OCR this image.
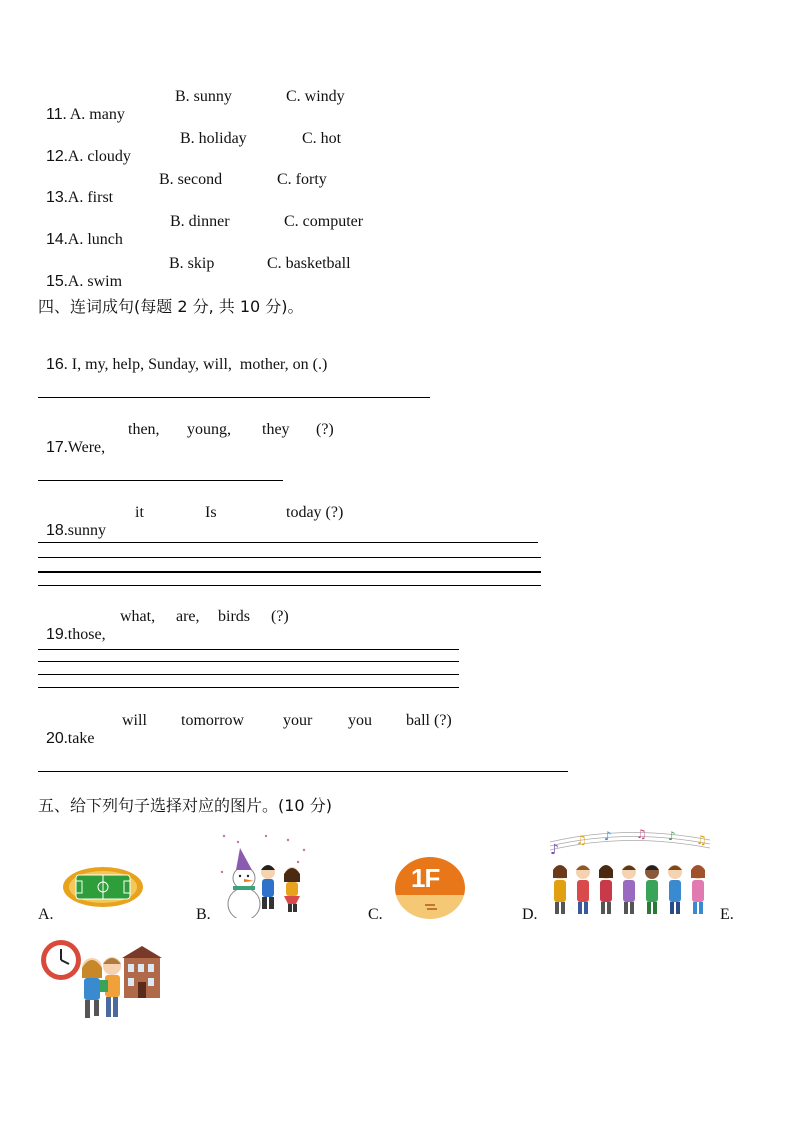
11. A. many

B. sunny	C. windy

12.A. cloudy

B. holiday	C. hot

13.A. first

B. second	C. forty

14.A. lunch

B. dinner	C. computer

15.A. swim

B. skip	C. basketball
四、连词成句(每题 2 分, 共 10 分)。

16. I, my, help, Sunday, will,  mother, on (.)

17.Were,

then, young, they (?)

18.sunny

it	Is	today (?)

19.those,

what, are, birds (?)

20.take

will tomorrow your you ball (?)
五、给下列句子选择对应的图片。(10 分)
A.	B.	C.
1F
D.
♪
♫ ♪ ♫ ♪ ♫
E.
